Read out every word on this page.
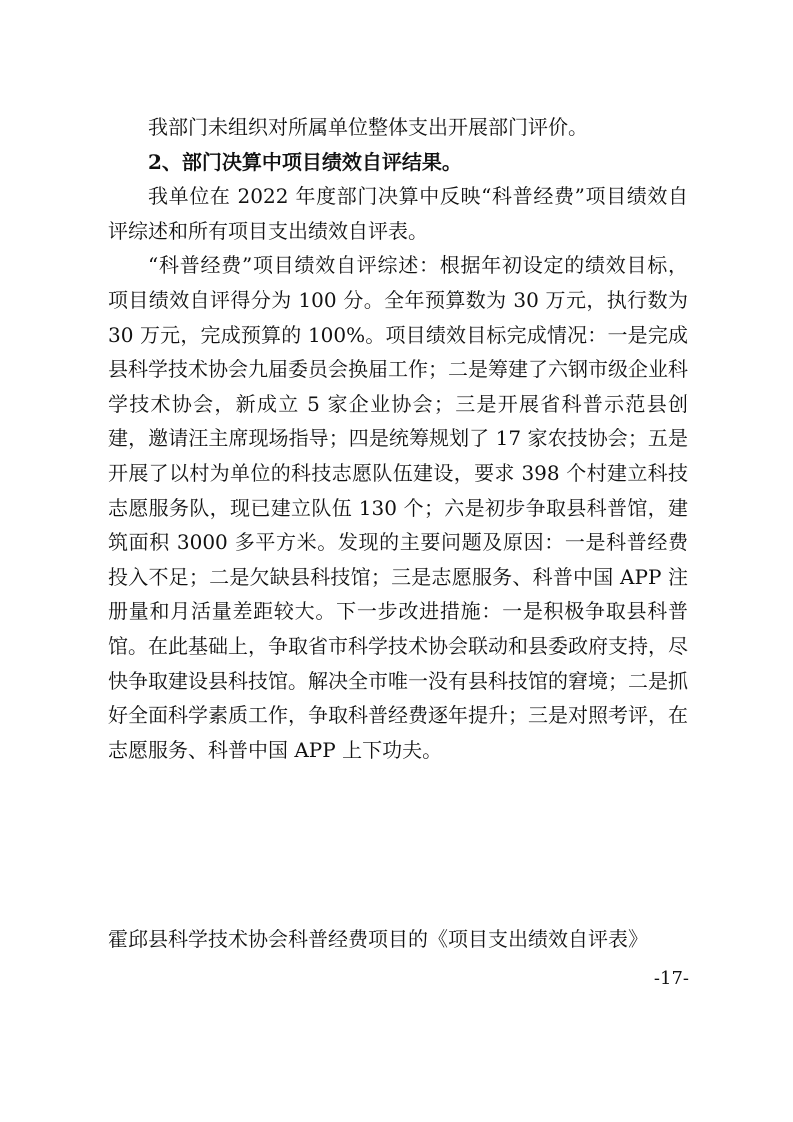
我部门未组织对所属单位整体支出开展部门评价。

2、部门决算中项目绩效自评结果。

我单位在 2022 年度部门决算中反映“科普经费”项目绩效自评综述和所有项目支出绩效自评表。

“科普经费”项目绩效自评综述：根据年初设定的绩效目标，项目绩效自评得分为 100 分。全年预算数为 30 万元，执行数为 30 万元，完成预算的 100%。项目绩效目标完成情况：一是完成县科学技术协会九届委员会换届工作；二是筹建了六钢市级企业科学技术协会，新成立 5 家企业协会；三是开展省科普示范县创建，邀请汪主席现场指导；四是统筹规划了 17 家农技协会；五是开展了以村为单位的科技志愿队伍建设，要求 398 个村建立科技志愿服务队，现已建立队伍 130 个；六是初步争取县科普馆，建筑面积 3000 多平方米。发现的主要问题及原因：一是科普经费投入不足；二是欠缺县科技馆；三是志愿服务、科普中国 APP 注册量和月活量差距较大。下一步改进措施：一是积极争取县科普馆。在此基础上，争取省市科学技术协会联动和县委政府支持，尽快争取建设县科技馆。解决全市唯一没有县科技馆的窘境；二是抓好全面科学素质工作，争取科普经费逐年提升；三是对照考评，在志愿服务、科普中国 APP 上下功夫。

霍邱县科学技术协会科普经费项目的《项目支出绩效自评表》
-17-
